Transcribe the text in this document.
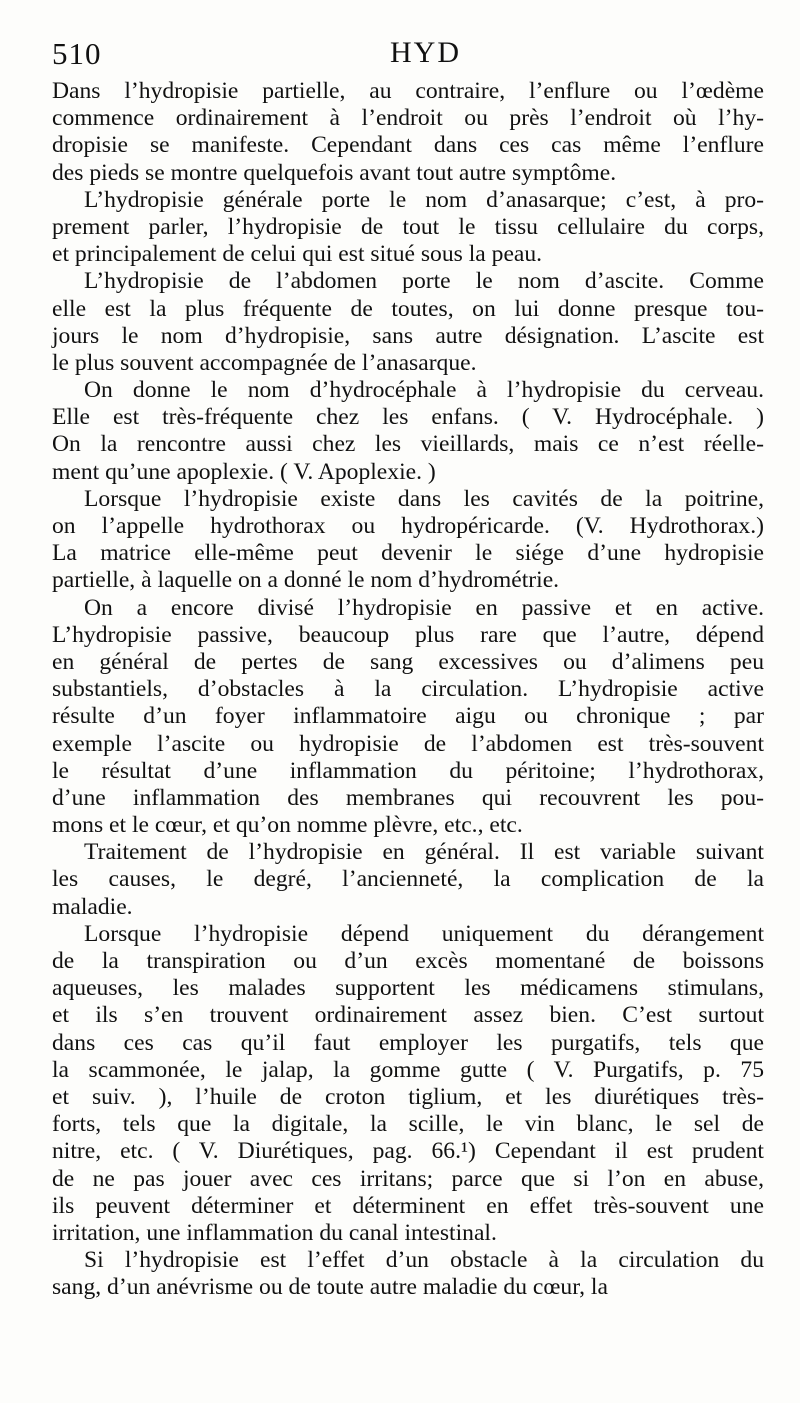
510	HYD
Dans l’hydropisie partielle, au contraire, l’enflure ou l’œdème
commence ordinairement à l’endroit ou près l’endroit où l’hy-
dropisie se manifeste. Cependant dans ces cas même l’enflure
des pieds se montre quelquefois avant tout autre symptôme.
L’hydropisie générale porte le nom d’anasarque; c’est, à pro-
prement parler, l’hydropisie de tout le tissu cellulaire du corps,
et principalement de celui qui est situé sous la peau.
L’hydropisie de l’abdomen porte le nom d’ascite. Comme
elle est la plus fréquente de toutes, on lui donne presque tou-
jours le nom d’hydropisie, sans autre désignation. L’ascite est
le plus souvent accompagnée de l’anasarque.
On donne le nom d’hydrocéphale à l’hydropisie du cerveau.
Elle est très-fréquente chez les enfans. ( V. Hydrocéphale. )
On la rencontre aussi chez les vieillards, mais ce n’est réelle-
ment qu’une apoplexie. ( V. Apoplexie. )
Lorsque l’hydropisie existe dans les cavités de la poitrine,
on l’appelle hydrothorax ou hydropéricarde. (V. Hydrothorax.)
La matrice elle-même peut devenir le siége d’une hydropisie
partielle, à laquelle on a donné le nom d’hydrométrie.
On a encore divisé l’hydropisie en passive et en active.
L’hydropisie passive, beaucoup plus rare que l’autre, dépend
en général de pertes de sang excessives ou d’alimens peu
substantiels, d’obstacles à la circulation. L’hydropisie active
résulte d’un foyer inflammatoire aigu ou chronique ; par
exemple l’ascite ou hydropisie de l’abdomen est très-souvent
le résultat d’une inflammation du péritoine; l’hydrothorax,
d’une inflammation des membranes qui recouvrent les pou-
mons et le cœur, et qu’on nomme plèvre, etc., etc.
Traitement de l’hydropisie en général. Il est variable suivant
les causes, le degré, l’ancienneté, la complication de la
maladie.
Lorsque l’hydropisie dépend uniquement du dérangement
de la transpiration ou d’un excès momentané de boissons
aqueuses, les malades supportent les médicamens stimulans,
et ils s’en trouvent ordinairement assez bien. C’est surtout
dans ces cas qu’il faut employer les purgatifs, tels que
la scammonée, le jalap, la gomme gutte ( V. Purgatifs, p. 75
et suiv. ), l’huile de croton tiglium, et les diurétiques très-
forts, tels que la digitale, la scille, le vin blanc, le sel de
nitre, etc. ( V. Diurétiques, pag. 66.¹) Cependant il est prudent
de ne pas jouer avec ces irritans; parce que si l’on en abuse,
ils peuvent déterminer et déterminent en effet très-souvent une
irritation, une inflammation du canal intestinal.
Si l’hydropisie est l’effet d’un obstacle à la circulation du
sang, d’un anévrisme ou de toute autre maladie du cœur, la
